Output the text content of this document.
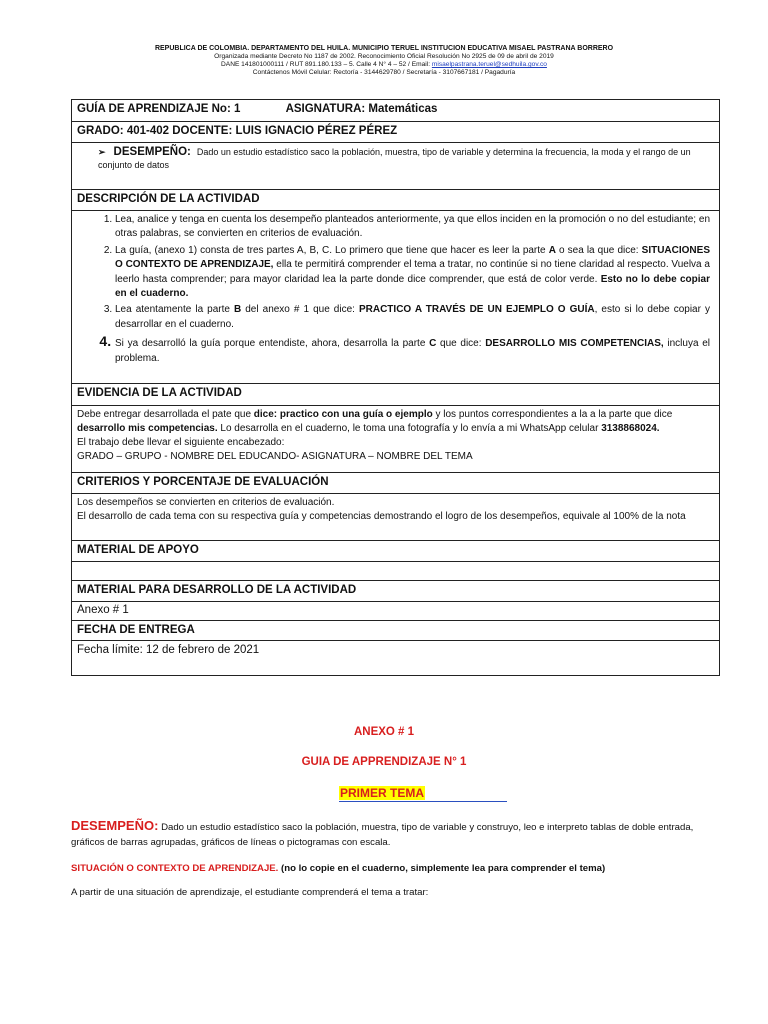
REPUBLICA DE COLOMBIA. DEPARTAMENTO DEL HUILA. MUNICIPIO TERUEL INSTITUCION EDUCATIVA MISAEL PASTRANA BORRERO
Organizada mediante Decreto No 1187 de 2002. Reconocimiento Oficial Resolución No 2925 de 09 de abril de 2019
DANE 141801000111 / RUT 891.180.133 – 5. Calle 4 N° 4 – 52 / Email: misaelpastrana.teruel@sedhuila.gov.co
Contáctenos Móvil Celular: Rectoría - 3144629780 / Secretaría - 3107667181 / Pagaduría
GUÍA DE APRENDIZAJE No: 1	ASIGNATURA: Matemáticas
GRADO: 401-402 DOCENTE: LUIS IGNACIO PÉREZ PÉREZ
➢ DESEMPEÑO: Dado un estudio estadístico saco la población, muestra, tipo de variable y determina la frecuencia, la moda y el rango de un conjunto de datos
DESCRIPCIÓN DE LA ACTIVIDAD
1. Lea, analice y tenga en cuenta los desempeño planteados anteriormente, ya que ellos inciden en la promoción o no del estudiante; en otras palabras, se convierten en criterios de evaluación.
2. La guía, (anexo 1) consta de tres partes A, B, C. Lo primero que tiene que hacer es leer la parte A o sea la que dice: SITUACIONES O CONTEXTO DE APRENDIZAJE, ella te permitirá comprender el tema a tratar, no continúe si no tiene claridad al respecto. Vuelva a leerlo hasta comprender; para mayor claridad lea la parte donde dice comprender, que está de color verde. Esto no lo debe copiar en el cuaderno.
3. Lea atentamente la parte B del anexo # 1 que dice: PRACTICO A TRAVÉS DE UN EJEMPLO O GUÍA, esto si lo debe copiar y desarrollar en el cuaderno.
4. Si ya desarrolló la guía porque entendiste, ahora, desarrolla la parte C que dice: DESARROLLO MIS COMPETENCIAS, incluya el problema.
EVIDENCIA DE LA ACTIVIDAD
Debe entregar desarrollada el pate que dice: practico con una guía o ejemplo y los puntos correspondientes a la a la parte que dice desarrollo mis competencias. Lo desarrolla en el cuaderno, le toma una fotografía y lo envía a mi WhatsApp celular 3138868024.
El trabajo debe llevar el siguiente encabezado:
GRADO – GRUPO - NOMBRE DEL EDUCANDO- ASIGNATURA – NOMBRE DEL TEMA
CRITERIOS Y PORCENTAJE DE EVALUACIÓN
Los desempeños se convierten en criterios de evaluación.
El desarrollo de cada tema con su respectiva guía y competencias demostrando el logro de los desempeños, equivale al 100% de la nota
MATERIAL DE APOYO
MATERIAL PARA DESARROLLO DE LA ACTIVIDAD
Anexo # 1
FECHA DE ENTREGA
Fecha límite: 12 de febrero de 2021
ANEXO # 1
GUIA DE APPRENDIZAJE N° 1
PRIMER TEMA
DESEMPEÑO: Dado un estudio estadístico saco la población, muestra, tipo de variable y construyo, leo e interpreto tablas de doble entrada, gráficos de barras agrupadas, gráficos de líneas o pictogramas con escala.
SITUACIÓN O CONTEXTO DE APRENDIZAJE. (no lo copie en el cuaderno, simplemente lea para comprender el tema)
A partir de una situación de aprendizaje, el estudiante comprenderá el tema a tratar:
